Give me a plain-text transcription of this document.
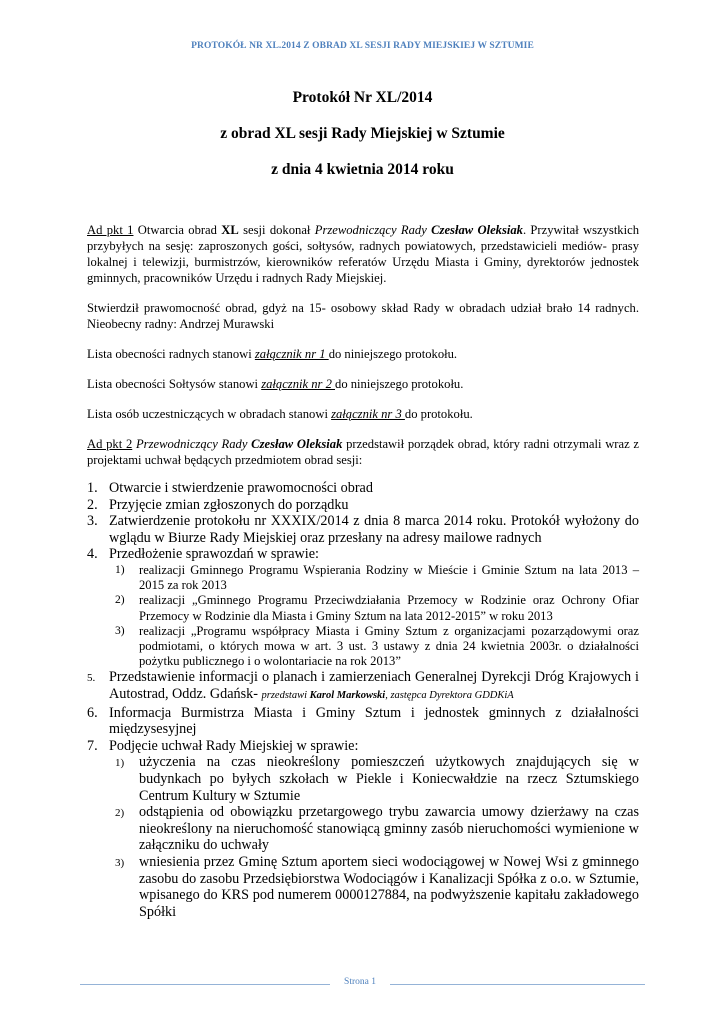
PROTOKÓŁ NR XL.2014 Z OBRAD XL SESJI RADY MIEJSKIEJ W SZTUMIE
Protokół Nr XL/2014
z obrad XL sesji Rady Miejskiej w Sztumie
z dnia 4 kwietnia 2014 roku

Ad pkt 1 Otwarcia obrad XL sesji dokonał Przewodniczący Rady Czesław Oleksiak. Przywitał wszystkich przybyłych na sesję: zaproszonych gości, sołtysów, radnych powiatowych, przedstawicieli mediów- prasy lokalnej i telewizji, burmistrzów, kierowników referatów Urzędu Miasta i Gminy, dyrektorów jednostek gminnych, pracowników Urzędu i radnych Rady Miejskiej.

Stwierdził prawomocność obrad, gdyż na 15- osobowy skład Rady w obradach udział brało 14 radnych. Nieobecny radny: Andrzej Murawski

Lista obecności radnych stanowi załącznik nr 1 do niniejszego protokołu.

Lista obecności Sołtysów stanowi załącznik nr 2 do niniejszego protokołu.

Lista osób uczestniczących w obradach stanowi załącznik nr 3 do protokołu.

Ad pkt 2 Przewodniczący Rady Czesław Oleksiak przedstawił porządek obrad, który radni otrzymali wraz z projektami uchwał będących przedmiotem obrad sesji:

1. Otwarcie i stwierdzenie prawomocności obrad
2. Przyjęcie zmian zgłoszonych do porządku
3. Zatwierdzenie protokołu nr XXXIX/2014 z dnia 8 marca 2014 roku. Protokół wyłożony do wglądu w Biurze Rady Miejskiej oraz przesłany na adresy mailowe radnych
4. Przedłożenie sprawozdań w sprawie:
1) realizacji Gminnego Programu Wspierania Rodziny w Mieście i Gminie Sztum na lata 2013 – 2015 za rok 2013
2) realizacji „Gminnego Programu Przeciwdziałania Przemocy w Rodzinie oraz Ochrony Ofiar Przemocy w Rodzinie dla Miasta i Gminy Sztum na lata 2012-2015” w roku 2013
3) realizacji „Programu współpracy Miasta i Gminy Sztum z organizacjami pozarządowymi oraz podmiotami, o których mowa w art. 3 ust. 3 ustawy z dnia 24 kwietnia 2003r. o działalności pożytku publicznego i o wolontariacie na rok 2013”
5. Przedstawienie informacji o planach i zamierzeniach Generalnej Dyrekcji Dróg Krajowych i Autostrad, Oddz. Gdańsk- przedstawi Karol Markowski, zastępca Dyrektora GDDKiA
6. Informacja Burmistrza Miasta i Gminy Sztum i jednostek gminnych z działalności międzysesyjnej
7. Podjęcie uchwał Rady Miejskiej w sprawie:
1) użyczenia na czas nieokreślony pomieszczeń użytkowych znajdujących się w budynkach po byłych szkołach w Piekle i Koniecwałdzie na rzecz Sztumskiego Centrum Kultury w Sztumie
2) odstąpienia od obowiązku przetargowego trybu zawarcia umowy dzierżawy na czas nieokreślony na nieruchomość stanowiącą gminny zasób nieruchomości wymienione w załączniku do uchwały
3) wniesienia przez Gminę Sztum aportem sieci wodociągowej w Nowej Wsi z gminnego zasobu do zasobu Przedsiębiorstwa Wodociągów i Kanalizacji Spółka z o.o. w Sztumie, wpisanego do KRS pod numerem 0000127884, na podwyższenie kapitału zakładowego Spółki
Strona 1
